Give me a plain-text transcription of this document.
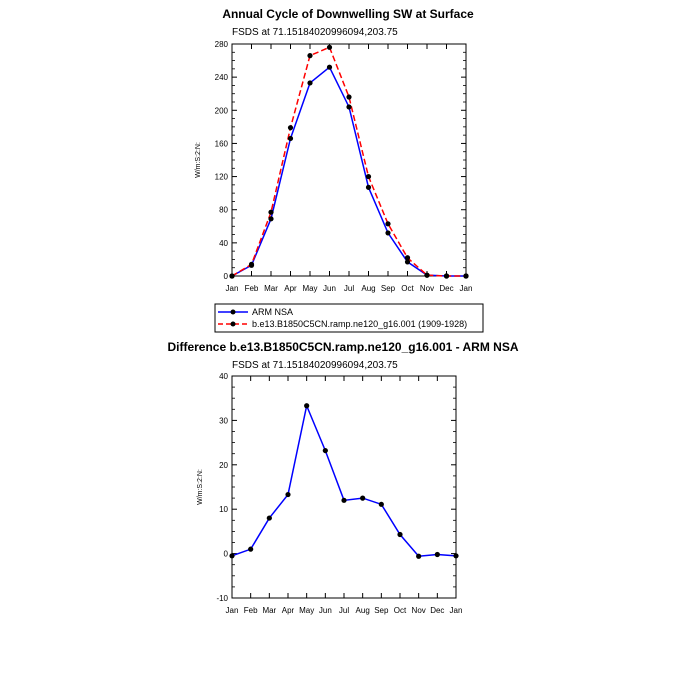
Annual Cycle of Downwelling SW at Surface
FSDS at 71.15184020996094,203.75
W/m:S:2:N:
0
40
80
120
160
200
240
280
Jan Feb Mar Apr May Jun Jul Aug Sep Oct Nov Dec Jan
ARM NSA
b.e13.B1850C5CN.ramp.ne120_g16.001 (1909-1928)
Difference b.e13.B1850C5CN.ramp.ne120_g16.001 - ARM NSA
FSDS at 71.15184020996094,203.75
W/m:S:2:N:
-10
0
10
20
30
40
Jan Feb Mar Apr May Jun Jul Aug Sep Oct Nov Dec Jan
